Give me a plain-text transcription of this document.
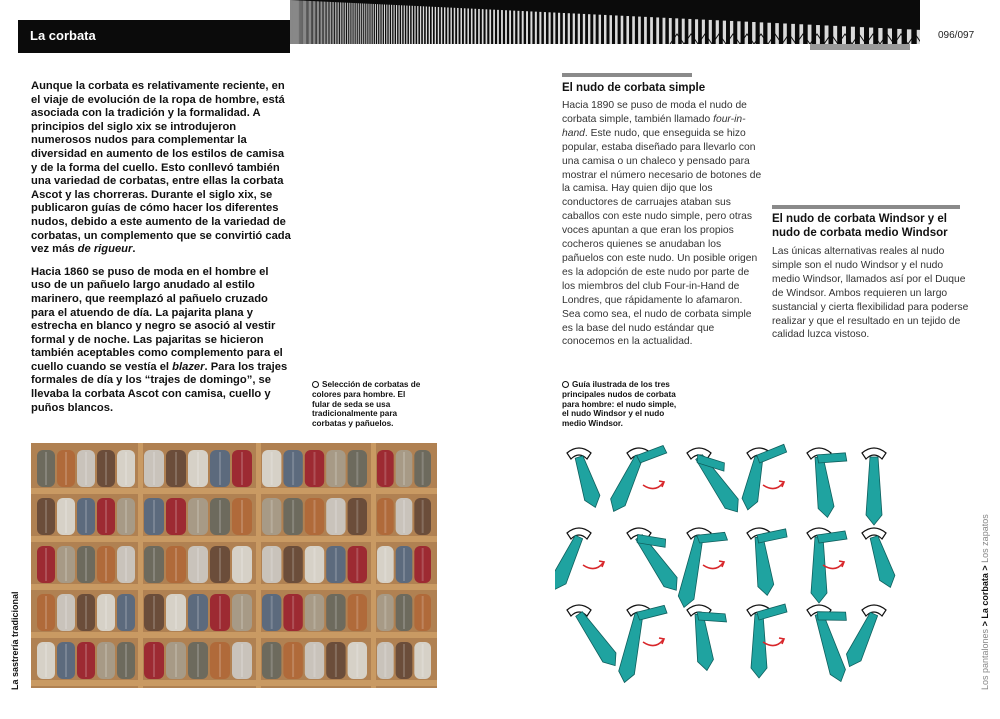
La corbata	096/097

Aunque la corbata es relativamente reciente, en el viaje de evolución de la ropa de hombre, está asociada con la tradición y la formalidad. A principios del siglo xix se introdujeron numerosos nudos para complementar la diversidad en aumento de los estilos de camisa y de la forma del cuello. Esto conllevó también una variedad de corbatas, entre ellas la corbata Ascot y las chorreras. Durante el siglo xix, se publicaron guías de cómo hacer los diferentes nudos, debido a este aumento de la variedad de corbatas, un complemento que se convirtió cada vez más de rigueur.

Hacia 1860 se puso de moda en el hombre el uso de un pañuelo largo anudado al estilo marinero, que reemplazó al pañuelo cruzado para el atuendo de día. La pajarita plana y estrecha en blanco y negro se asoció al vestir formal y de noche. Las pajaritas se hicieron también aceptables como complemento para el cuello cuando se vestía el blazer. Para los trajes formales de día y los “trajes de domingo”, se llevaba la corbata Ascot con camisa, cuello y puños blancos.

Selección de corbatas de colores para hombre. El fular de seda se usa tradicionalmente para corbatas y pañuelos.
El nudo de corbata simple
Hacia 1890 se puso de moda el nudo de corbata simple, también llamado four-in-hand. Este nudo, que enseguida se hizo popular, estaba diseñado para llevarlo con una camisa o un chaleco y pensado para mostrar el número necesario de botones de la camisa. Hay quien dijo que los conductores de carruajes ataban sus caballos con este nudo simple, pero otras voces apuntan a que eran los propios cocheros quienes se anudaban los pañuelos con este nudo. Un posible origen es la adopción de este nudo por parte de los miembros del club Four-in-Hand de Londres, que rápidamente lo afamaron. Sea como sea, el nudo de corbata simple es la base del nudo estándar que conocemos en la actualidad.
El nudo de corbata Windsor y el nudo de corbata medio Windsor
Las únicas alternativas reales al nudo simple son el nudo Windsor y el nudo medio Windsor, llamados así por el Duque de Windsor. Ambos requieren un largo sustancial y cierta flexibilidad para poderse realizar y que el resultado en un tejido de calidad luzca vistoso.
Guía ilustrada de los tres principales nudos de corbata para hombre: el nudo simple, el nudo Windsor y el nudo medio Windsor.
La sastrería tradicional	Los pantalones > La corbata > Los zapatos
